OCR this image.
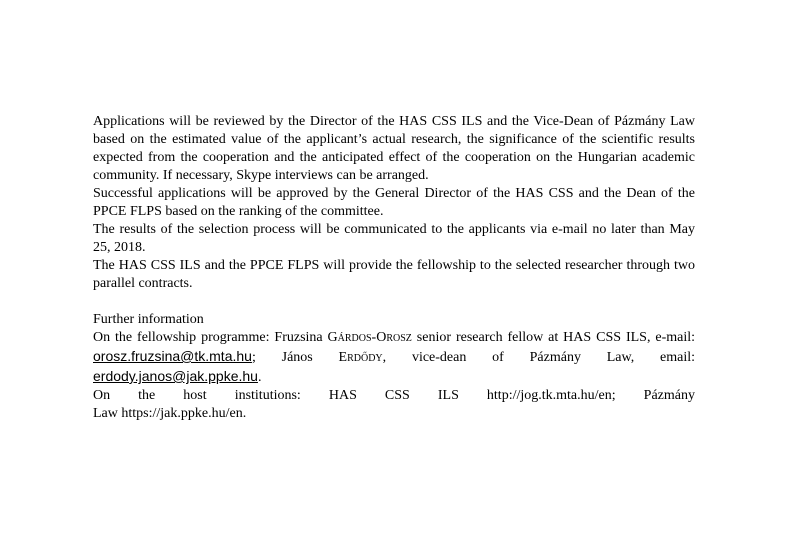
Applications will be reviewed by the Director of the HAS CSS ILS and the Vice-Dean of Pázmány Law based on the estimated value of the applicant’s actual research, the significance of the scientific results expected from the cooperation and the anticipated effect of the cooperation on the Hungarian academic community. If necessary, Skype interviews can be arranged.

Successful applications will be approved by the General Director of the HAS CSS and the Dean of the PPCE FLPS based on the ranking of the committee.

The results of the selection process will be communicated to the applicants via e-mail no later than May 25, 2018.

The HAS CSS ILS and the PPCE FLPS will provide the fellowship to the selected researcher through two parallel contracts.

Further information

On the fellowship programme: Fruzsina Gárdos-Orosz senior research fellow at HAS CSS ILS, e-mail: orosz.fruzsina@tk.mta.hu; János Erdődy, vice-dean of Pázmány Law, email: erdody.janos@jak.ppke.hu.

On the host institutions: HAS CSS ILS http://jog.tk.mta.hu/en; Pázmány

Law https://jak.ppke.hu/en.
